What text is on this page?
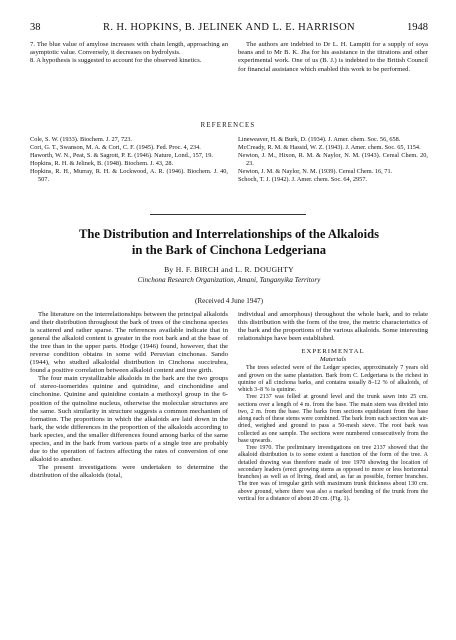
38	R. H. HOPKINS, B. JELINEK AND L. E. HARRISON	1948

7. The blue value of amylose increases with chain length, approaching an asymptotic value. Conversely, it decreases on hydrolysis.

8. A hypothesis is suggested to account for the observed kinetics.

The authors are indebted to Dr L. H. Lampitt for a supply of soya beans and to Mr B. K. Jha for his assistance in the titrations and other experimental work. One of us (B. J.) is indebted to the British Council for financial assistance which enabled this work to be performed.

REFERENCES
Cole, S. W. (1933). Biochem. J. 27, 723.
Cori, G. T., Swanson, M. A. & Cori, C. F. (1945). Fed. Proc. 4, 234.
Haworth, W. N., Peat, S. & Sagrott, P. E. (1946). Nature, Lond., 157, 19.
Hopkins, R. H. & Jelinek, B. (1948). Biochem. J. 43, 28.
Hopkins, R. H., Murray, R. H. & Lockwood, A. R. (1946). Biochem. J. 40, 507.
Lineweaver, H. & Burk, D. (1934). J. Amer. chem. Soc. 56, 658.
McCready, R. M. & Hassid, W. Z. (1943). J. Amer. chem. Soc. 65, 1154.
Newton, J. M., Hixon, R. M. & Naylor, N. M. (1943). Cereal Chem. 20, 23.
Newton, J. M. & Naylor, N. M. (1939). Cereal Chem. 16, 71.
Schoch, T. J. (1942). J. Amer. chem. Soc. 64, 2957.
The Distribution and Interrelationships of the Alkaloids
in the Bark of Cinchona Ledgeriana
By H. F. BIRCH and L. R. DOUGHTY
Cinchona Research Organization, Amani, Tanganyika Territory
(Received 4 June 1947)

The literature on the interrelationships between the principal alkaloids and their distribution throughout the bark of trees of the cinchona species is scattered and rather sparse. The references available indicate that in general the alkaloid content is greater in the root bark and at the base of the tree than in the upper parts. Hodge (1946) found, however, that the reverse condition obtains in some wild Peruvian cinchonas. Sando (1944), who studied alkaloidal distribution in Cinchona succirubra, found a positive correlation between alkaloid content and tree girth.

The four main crystallizable alkaloids in the bark are the two groups of stereo-isomerides quinine and quinidine, and cinchonidine and cinchonine. Quinine and quinidine contain a methoxyl group in the 6-position of the quinoline nucleus, otherwise the molecular structures are the same. Such similarity in structure suggests a common mechanism of formation. The proportions in which the alkaloids are laid down in the bark, the wide differences in the proportion of the alkaloids according to bark species, and the smaller differences found among barks of the same species, and in the bark from various parts of a single tree are probably due to the operation of factors affecting the rates of conversion of one alkaloid to another.

The present investigations were undertaken to determine the distribution of the alkaloids (total,

individual and amorphous) throughout the whole bark, and to relate this distribution with the form of the tree, the metric characteristics of the bark and the proportions of the various alkaloids. Some interesting relationships have been established.

EXPERIMENTAL

Materials

The trees selected were of the Ledger species, approximately 7 years old and grown on the same plantation. Bark from C. Ledgeriana is the richest in quinine of all cinchona barks, and contains usually 8–12 % of alkaloids, of which 3–8 % is quinine.

Tree 2137 was felled at ground level and the trunk sawn into 25 cm. sections over a length of 4 m. from the base. The main stem was divided into two, 2 m. from the base. The barks from sections equidistant from the base along each of these stems were combined. The bark from each section was air-dried, weighed and ground to pass a 50-mesh sieve. The root bark was collected as one sample. The sections were numbered consecutively from the base upwards.

Tree 1970. The preliminary investigations on tree 2137 showed that the alkaloid distribution is to some extent a function of the form of the tree. A detailed drawing was therefore made of tree 1970 showing the location of secondary leaders (erect growing stems as opposed to more or less horizontal branches) as well as of living, dead and, as far as possible, former branches. The tree was of irregular girth with maximum trunk thickness about 130 cm. above ground, where there was also a marked bending of the trunk from the vertical for a distance of about 20 cm. (Fig. 1).
